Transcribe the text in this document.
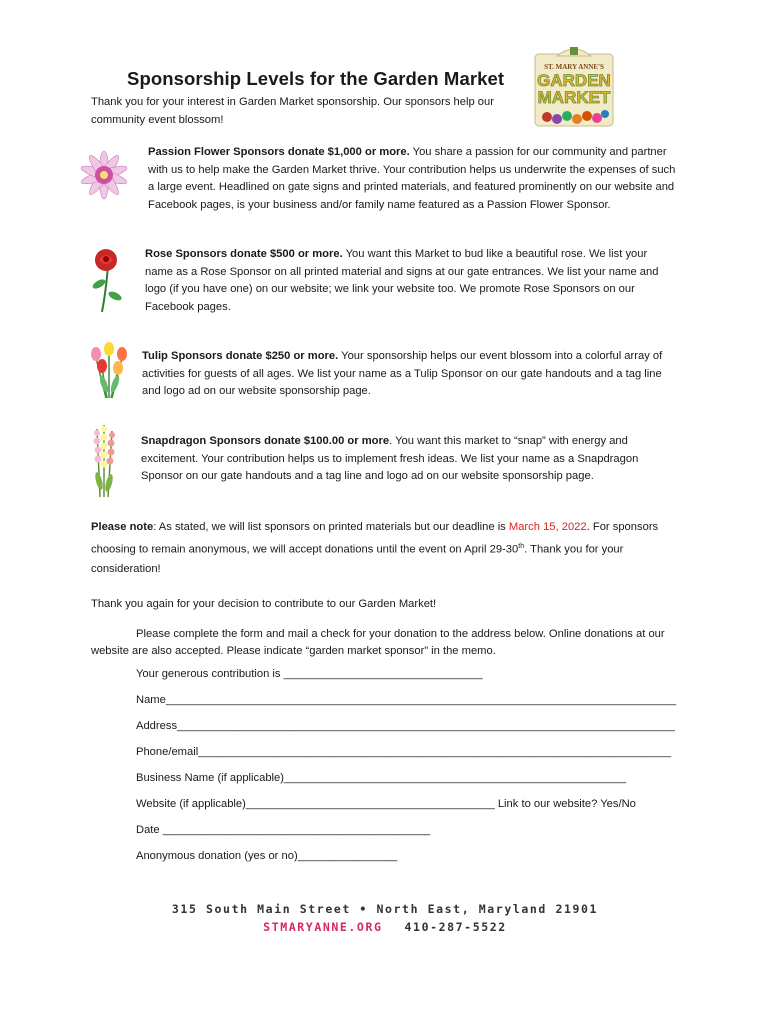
Sponsorship Levels for the Garden Market
Thank you for your interest in Garden Market sponsorship. Our sponsors help our community event blossom!
ST. MARY ANNE'S
GARDEN
MARKET
Passion Flower Sponsors donate $1,000 or more. You share a passion for our community and partner with us to help make the Garden Market thrive. Your contribution helps us underwrite the expenses of such a large event. Headlined on gate signs and printed materials, and featured prominently on our website and Facebook pages, is your business and/or family name featured as a Passion Flower Sponsor.
Rose Sponsors donate $500 or more. You want this Market to bud like a beautiful rose. We list your name as a Rose Sponsor on all printed material and signs at our gate entrances. We list your name and logo (if you have one) on our website; we link your website too. We promote Rose Sponsors on our Facebook pages.
Tulip Sponsors donate $250 or more. Your sponsorship helps our event blossom into a colorful array of activities for guests of all ages. We list your name as a Tulip Sponsor on our gate handouts and a tag line and logo ad on our website sponsorship page.
Snapdragon Sponsors donate $100.00 or more. You want this market to “snap” with energy and excitement. Your contribution helps us to implement fresh ideas. We list your name as a Snapdragon Sponsor on our gate handouts and a tag line and logo ad on our website sponsorship page.
Please note: As stated, we will list sponsors on printed materials but our deadline is March 15, 2022. For sponsors choosing to remain anonymous, we will accept donations until the event on April 29-30th. Thank you for your consideration!
Thank you again for your decision to contribute to our Garden Market!
Please complete the form and mail a check for your donation to the address below. Online donations at our website are also accepted. Please indicate “garden market sponsor” in the memo.
Your generous contribution is ________________________________
Name__________________________________________________________________________________
Address________________________________________________________________________________
Phone/email____________________________________________________________________________
Business Name (if applicable)_______________________________________________________
Website (if applicable)________________________________________ Link to our website? Yes/No
Date ___________________________________________
Anonymous donation (yes or no)________________
315 South Main Street • North East, Maryland 21901
STMARYANNE.ORG 410-287-5522
